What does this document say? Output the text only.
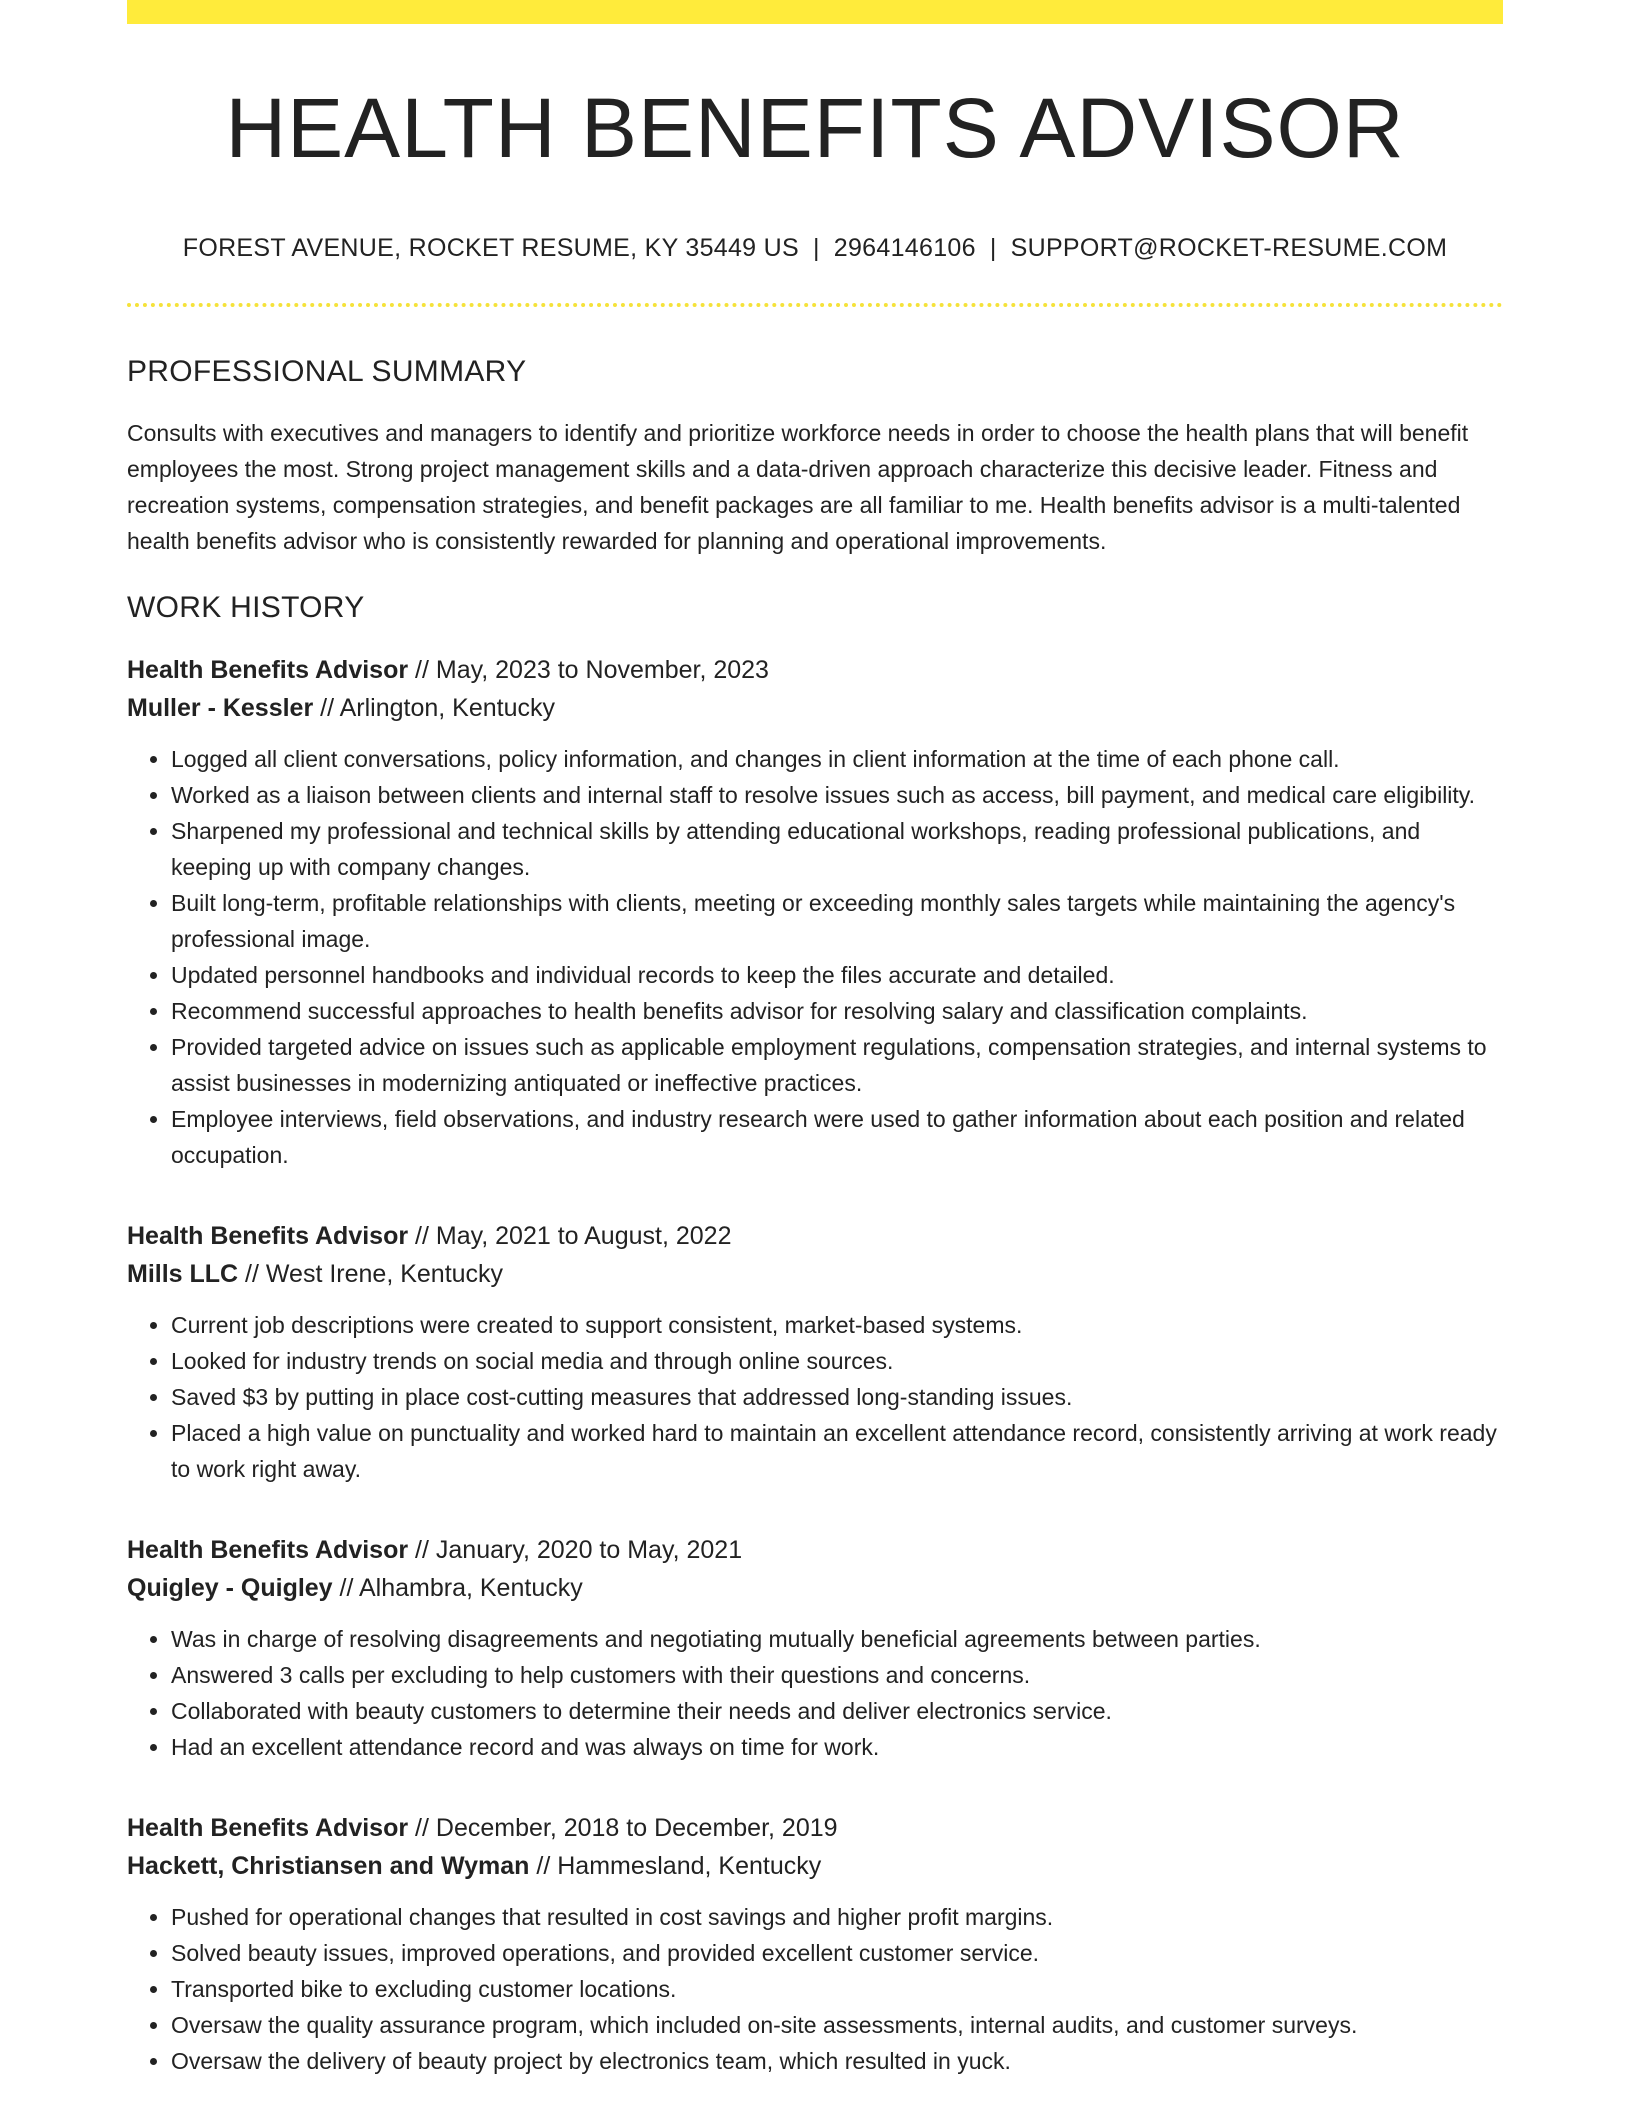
HEALTH BENEFITS ADVISOR
FOREST AVENUE, ROCKET RESUME, KY 35449 US | 2964146106 | SUPPORT@ROCKET-RESUME.COM
PROFESSIONAL SUMMARY
Consults with executives and managers to identify and prioritize workforce needs in order to choose the health plans that will benefit employees the most. Strong project management skills and a data-driven approach characterize this decisive leader. Fitness and recreation systems, compensation strategies, and benefit packages are all familiar to me. Health benefits advisor is a multi-talented health benefits advisor who is consistently rewarded for planning and operational improvements.
WORK HISTORY
Health Benefits Advisor // May, 2023 to November, 2023
Muller - Kessler // Arlington, Kentucky
• Logged all client conversations, policy information, and changes in client information at the time of each phone call.
• Worked as a liaison between clients and internal staff to resolve issues such as access, bill payment, and medical care eligibility.
• Sharpened my professional and technical skills by attending educational workshops, reading professional publications, and keeping up with company changes.
• Built long-term, profitable relationships with clients, meeting or exceeding monthly sales targets while maintaining the agency's professional image.
• Updated personnel handbooks and individual records to keep the files accurate and detailed.
• Recommend successful approaches to health benefits advisor for resolving salary and classification complaints.
• Provided targeted advice on issues such as applicable employment regulations, compensation strategies, and internal systems to assist businesses in modernizing antiquated or ineffective practices.
• Employee interviews, field observations, and industry research were used to gather information about each position and related occupation.
Health Benefits Advisor // May, 2021 to August, 2022
Mills LLC // West Irene, Kentucky
• Current job descriptions were created to support consistent, market-based systems.
• Looked for industry trends on social media and through online sources.
• Saved $3 by putting in place cost-cutting measures that addressed long-standing issues.
• Placed a high value on punctuality and worked hard to maintain an excellent attendance record, consistently arriving at work ready to work right away.
Health Benefits Advisor // January, 2020 to May, 2021
Quigley - Quigley // Alhambra, Kentucky
• Was in charge of resolving disagreements and negotiating mutually beneficial agreements between parties.
• Answered 3 calls per excluding to help customers with their questions and concerns.
• Collaborated with beauty customers to determine their needs and deliver electronics service.
• Had an excellent attendance record and was always on time for work.
Health Benefits Advisor // December, 2018 to December, 2019
Hackett, Christiansen and Wyman // Hammesland, Kentucky
• Pushed for operational changes that resulted in cost savings and higher profit margins.
• Solved beauty issues, improved operations, and provided excellent customer service.
• Transported bike to excluding customer locations.
• Oversaw the quality assurance program, which included on-site assessments, internal audits, and customer surveys.
• Oversaw the delivery of beauty project by electronics team, which resulted in yuck.
